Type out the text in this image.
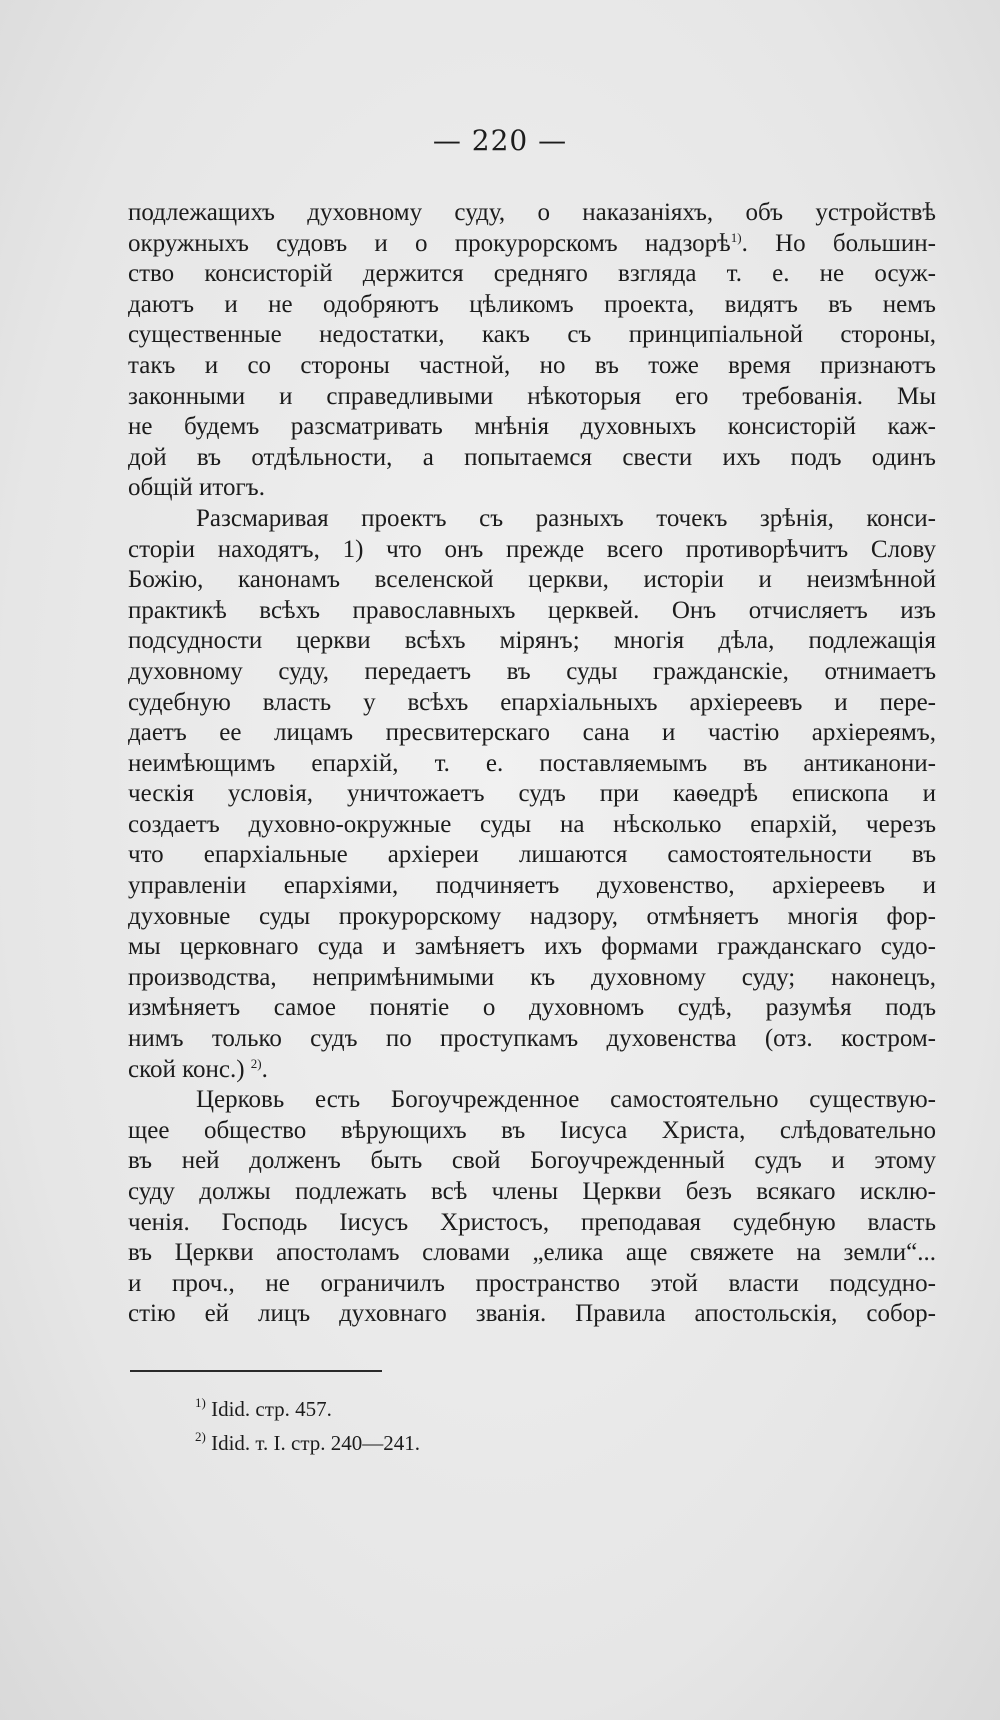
— 220 —
подлежащихъ духовному суду, о наказаніяхъ, объ устройствѣ
окружныхъ судовъ и о прокурорскомъ надзорѣ$^{1)}$. Но большин-
ство консисторій держится средняго взгляда т. е. не осуж-
даютъ и не одобряютъ цѣликомъ проекта, видятъ въ немъ
существенные недостатки, какъ съ принципіальной стороны,
такъ и со стороны частной, но въ тоже время признаютъ
законными и справедливыми нѣкоторыя его требованія. Мы
не будемъ разсматривать мнѣнія духовныхъ консисторій каж-
дой въ отдѣльности, а попытаемся свести ихъ подъ одинъ
общій итогъ.
Разсмаривая проектъ съ разныхъ точекъ зрѣнія, конси-
сторіи находятъ, 1) что онъ прежде всего противорѣчитъ Слову
Божію, канонамъ вселенской церкви, исторіи и неизмѣнной
практикѣ всѣхъ православныхъ церквей. Онъ отчисляетъ изъ
подсудности церкви всѣхъ мірянъ; многія дѣла, подлежащія
духовному суду, передаетъ въ суды гражданскіе, отнимаетъ
судебную власть у всѣхъ епархіальныхъ архіереевъ и пере-
даетъ ее лицамъ пресвитерскаго сана и частію архіереямъ,
неимѣющимъ епархій, т. е. поставляемымъ въ антиканони-
ческія условія, уничтожаетъ судъ при каѳедрѣ епископа и
создаетъ духовно-окружные суды на нѣсколько епархій, черезъ
что епархіальные архіереи лишаются самостоятельности въ
управленіи епархіями, подчиняетъ духовенство, архіереевъ и
духовные суды прокурорскому надзору, отмѣняетъ многія фор-
мы церковнаго суда и замѣняетъ ихъ формами гражданскаго судо-
производства, непримѣнимыми къ духовному суду; наконецъ,
измѣняетъ самое понятіе о духовномъ судѣ, разумѣя подъ
нимъ только судъ по проступкамъ духовенства (отз. костром-
ской конс.) $^{2)}$.
Церковь есть Богоучрежденное самостоятельно существую-
щее общество вѣрующихъ въ Іисуса Христа, слѣдовательно
въ ней долженъ быть свой Богоучрежденный судъ и этому
суду должы подлежать всѣ члены Церкви безъ всякаго исклю-
ченія. Господь Іисусъ Христосъ, преподавая судебную власть
въ Церкви апостоламъ словами „елика аще свяжете на земли“...
и проч., не ограничилъ пространство этой власти подсудно-
стію ей лицъ духовнаго званія. Правила апостольскія, собор-
$^{1)}$ Idid. стр. 457.
$^{2)}$ Idid. т. I. стр. 240—241.
